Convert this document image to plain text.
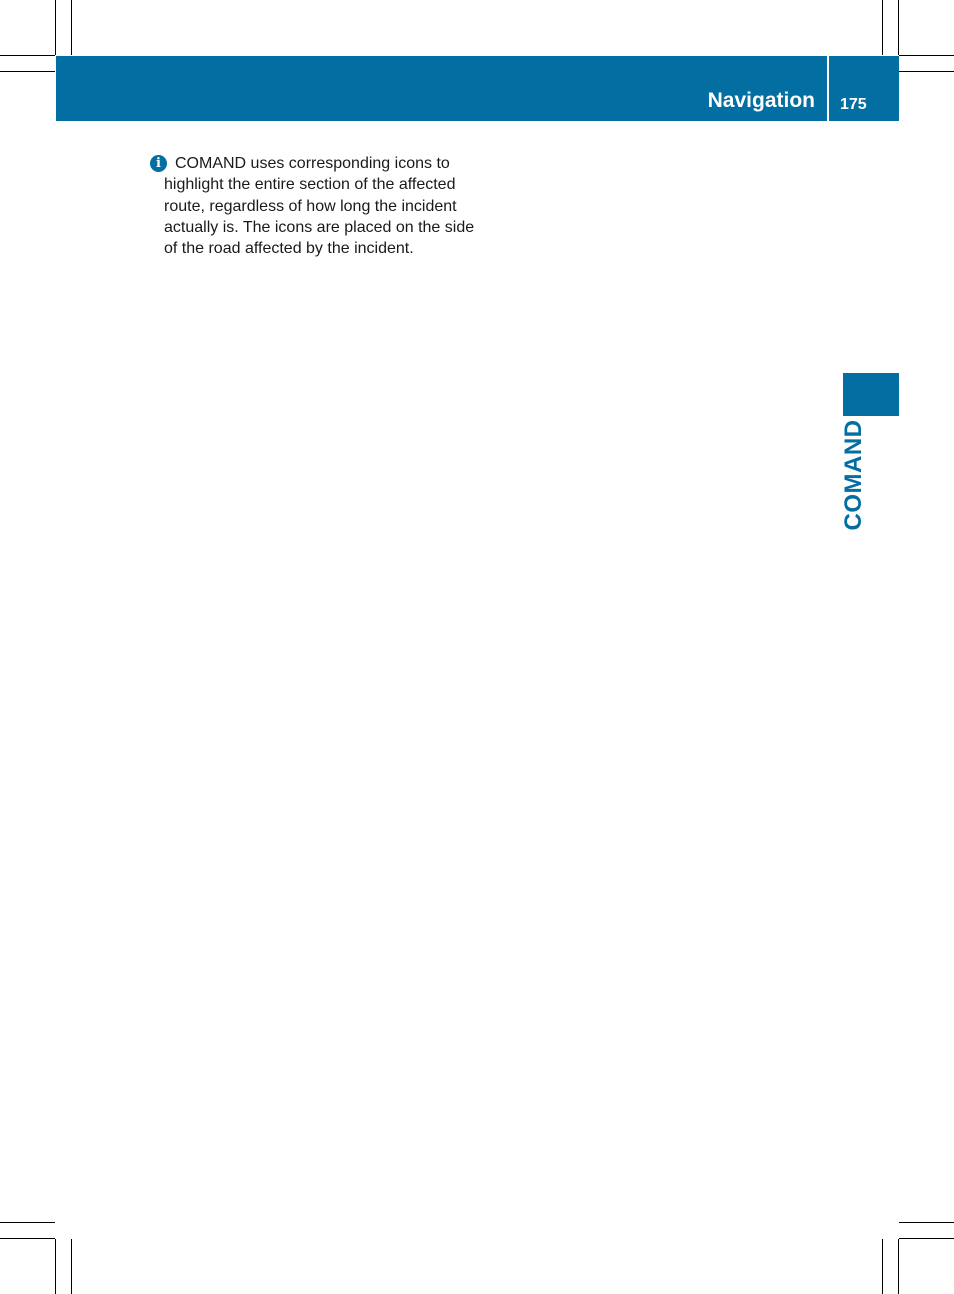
Navigation 175
COMAND
i COMAND uses corresponding icons to highlight the entire section of the affected route, regardless of how long the incident actually is. The icons are placed on the side of the road affected by the incident.
